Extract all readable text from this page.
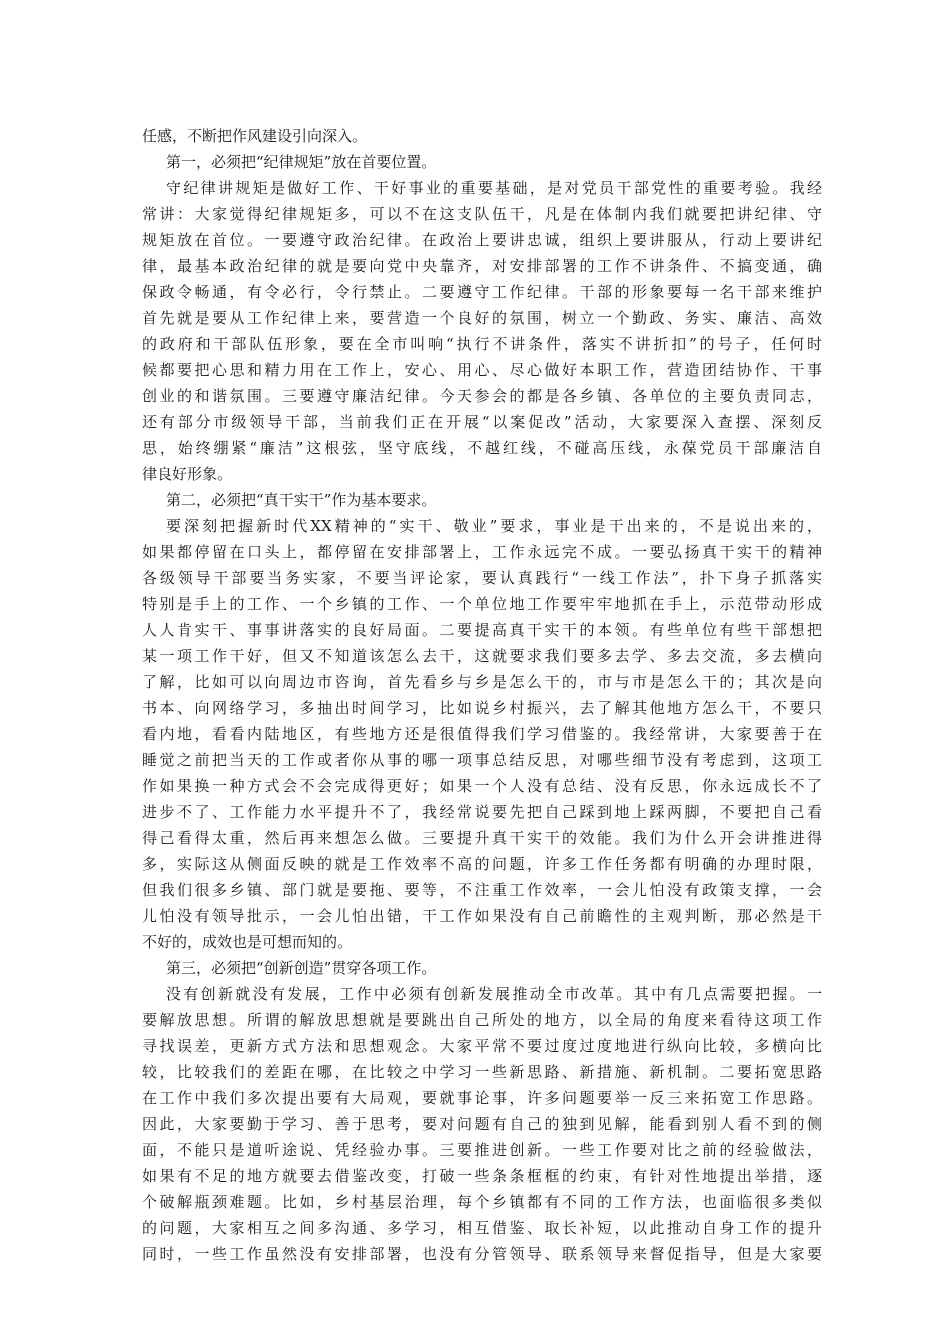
任感，不断把作风建设引向深入。
第一，必须把“纪律规矩”放在首要位置。
守纪律讲规矩是做好工作、干好事业的重要基础，是对党员干部党性的重要考验。我经
常讲：大家觉得纪律规矩多，可以不在这支队伍干，凡是在体制内我们就要把讲纪律、守
规矩放在首位。一要遵守政治纪律。在政治上要讲忠诚，组织上要讲服从，行动上要讲纪
律，最基本政治纪律的就是要向党中央靠齐，对安排部署的工作不讲条件、不搞变通，确
保政令畅通，有令必行，令行禁止。二要遵守工作纪律。干部的形象要每一名干部来维护
首先就是要从工作纪律上来，要营造一个良好的氛围，树立一个勤政、务实、廉洁、高效
的政府和干部队伍形象，要在全市叫响“执行不讲条件，落实不讲折扣”的号子，任何时
候都要把心思和精力用在工作上，安心、用心、尽心做好本职工作，营造团结协作、干事
创业的和谐氛围。三要遵守廉洁纪律。今天参会的都是各乡镇、各单位的主要负责同志，
还有部分市级领导干部，当前我们正在开展“以案促改”活动，大家要深入查摆、深刻反
思，始终绷紧“廉洁”这根弦，坚守底线，不越红线，不碰高压线，永葆党员干部廉洁自
律良好形象。
第二，必须把“真干实干”作为基本要求。
要深刻把握新时代XX精神的“实干、敬业”要求，事业是干出来的，不是说出来的，
如果都停留在口头上，都停留在安排部署上，工作永远完不成。一要弘扬真干实干的精神
各级领导干部要当务实家，不要当评论家，要认真践行“一线工作法”，扑下身子抓落实
特别是手上的工作、一个乡镇的工作、一个单位地工作要牢牢地抓在手上，示范带动形成
人人肯实干、事事讲落实的良好局面。二要提高真干实干的本领。有些单位有些干部想把
某一项工作干好，但又不知道该怎么去干，这就要求我们要多去学、多去交流，多去横向
了解，比如可以向周边市咨询，首先看乡与乡是怎么干的，市与市是怎么干的；其次是向
书本、向网络学习，多抽出时间学习，比如说乡村振兴，去了解其他地方怎么干，不要只
看内地，看看内陆地区，有些地方还是很值得我们学习借鉴的。我经常讲，大家要善于在
睡觉之前把当天的工作或者你从事的哪一项事总结反思，对哪些细节没有考虑到，这项工
作如果换一种方式会不会完成得更好；如果一个人没有总结、没有反思，你永远成长不了
进步不了、工作能力水平提升不了，我经常说要先把自己踩到地上踩两脚，不要把自己看
得己看得太重，然后再来想怎么做。三要提升真干实干的效能。我们为什么开会讲推进得
多，实际这从侧面反映的就是工作效率不高的问题，许多工作任务都有明确的办理时限，
但我们很多乡镇、部门就是要拖、要等，不注重工作效率，一会儿怕没有政策支撑，一会
儿怕没有领导批示，一会儿怕出错，干工作如果没有自己前瞻性的主观判断，那必然是干
不好的，成效也是可想而知的。
第三，必须把“创新创造”贯穿各项工作。
没有创新就没有发展，工作中必须有创新发展推动全市改革。其中有几点需要把握。一
要解放思想。所谓的解放思想就是要跳出自己所处的地方，以全局的角度来看待这项工作
寻找误差，更新方式方法和思想观念。大家平常不要过度过度地进行纵向比较，多横向比
较，比较我们的差距在哪，在比较之中学习一些新思路、新措施、新机制。二要拓宽思路
在工作中我们多次提出要有大局观，要就事论事，许多问题要举一反三来拓宽工作思路。
因此，大家要勤于学习、善于思考，要对问题有自己的独到见解，能看到别人看不到的侧
面，不能只是道听途说、凭经验办事。三要推进创新。一些工作要对比之前的经验做法，
如果有不足的地方就要去借鉴改变，打破一些条条框框的约束，有针对性地提出举措，逐
个破解瓶颈难题。比如，乡村基层治理，每个乡镇都有不同的工作方法，也面临很多类似
的问题，大家相互之间多沟通、多学习，相互借鉴、取长补短，以此推动自身工作的提升
同时，一些工作虽然没有安排部署，也没有分管领导、联系领导来督促指导，但是大家要
